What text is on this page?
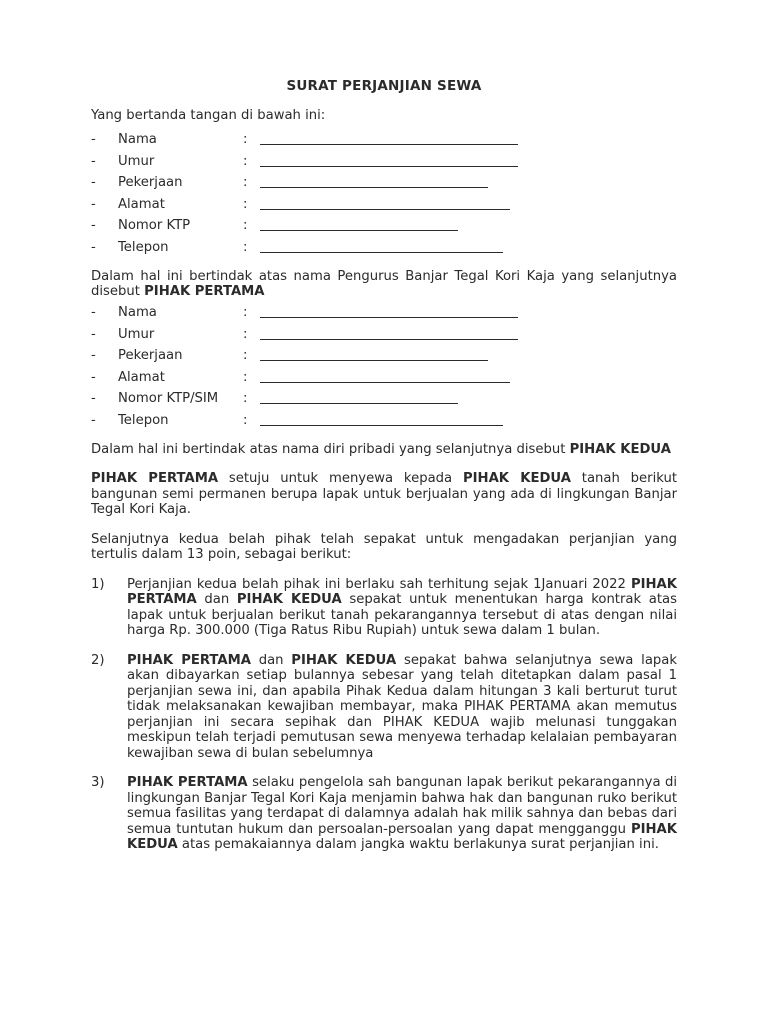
SURAT PERJANJIAN SEWA

Yang bertanda tangan di bawah ini:

-	Nama	:
-	Umur	:
-	Pekerjaan	:
-	Alamat	:
-	Nomor KTP	:
-	Telepon	:

Dalam hal ini bertindak atas nama Pengurus Banjar Tegal Kori Kaja yang selanjutnya disebut PIHAK PERTAMA

-	Nama	:
-	Umur	:
-	Pekerjaan	:
-	Alamat	:
-	Nomor KTP/SIM	:
-	Telepon	:

Dalam hal ini bertindak atas nama diri pribadi yang selanjutnya disebut PIHAK KEDUA

PIHAK PERTAMA setuju untuk menyewa kepada PIHAK KEDUA tanah berikut bangunan semi permanen berupa lapak untuk berjualan yang ada di lingkungan Banjar Tegal Kori Kaja.

Selanjutnya kedua belah pihak telah sepakat untuk mengadakan perjanjian yang tertulis dalam 13 poin, sebagai berikut:

1)	Perjanjian kedua belah pihak ini berlaku sah terhitung sejak 1Januari 2022 PIHAK PERTAMA dan PIHAK KEDUA sepakat untuk menentukan harga kontrak atas lapak untuk berjualan berikut tanah pekarangannya tersebut di atas dengan nilai harga Rp. 300.000 (Tiga Ratus Ribu Rupiah) untuk sewa dalam 1 bulan.

2)	PIHAK PERTAMA dan PIHAK KEDUA sepakat bahwa selanjutnya sewa lapak akan dibayarkan setiap bulannya sebesar yang telah ditetapkan dalam pasal 1 perjanjian sewa ini, dan apabila Pihak Kedua dalam hitungan 3 kali berturut turut tidak melaksanakan kewajiban membayar, maka PIHAK PERTAMA akan memutus perjanjian ini secara sepihak dan PIHAK KEDUA wajib melunasi tunggakan meskipun telah terjadi pemutusan sewa menyewa terhadap kelalaian pembayaran kewajiban sewa di bulan sebelumnya

3)	PIHAK PERTAMA selaku pengelola sah bangunan lapak berikut pekarangannya di lingkungan Banjar Tegal Kori Kaja menjamin bahwa hak dan bangunan ruko berikut semua fasilitas yang terdapat di dalamnya adalah hak milik sahnya dan bebas dari semua tuntutan hukum dan persoalan-persoalan yang dapat mengganggu PIHAK KEDUA atas pemakaiannya dalam jangka waktu berlakunya surat perjanjian ini.
